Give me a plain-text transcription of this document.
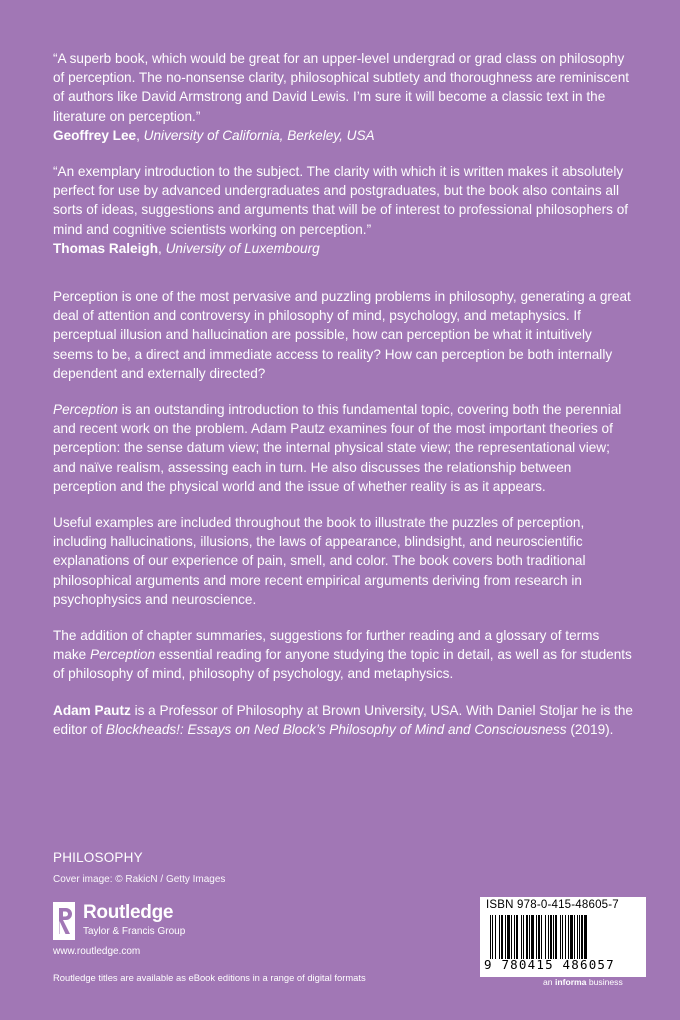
“A superb book, which would be great for an upper-level undergrad or grad class on philosophy of perception. The no-nonsense clarity, philosophical subtlety and thoroughness are reminiscent of authors like David Armstrong and David Lewis. I’m sure it will become a classic text in the literature on perception.”

Geoffrey Lee, University of California, Berkeley, USA

“An exemplary introduction to the subject. The clarity with which it is written makes it absolutely perfect for use by advanced undergraduates and postgraduates, but the book also contains all sorts of ideas, suggestions and arguments that will be of interest to professional philosophers of mind and cognitive scientists working on perception.”

Thomas Raleigh, University of Luxembourg

Perception is one of the most pervasive and puzzling problems in philosophy, generating a great deal of attention and controversy in philosophy of mind, psychology, and metaphysics. If perceptual illusion and hallucination are possible, how can perception be what it intuitively seems to be, a direct and immediate access to reality? How can perception be both internally dependent and externally directed?

Perception is an outstanding introduction to this fundamental topic, covering both the perennial and recent work on the problem. Adam Pautz examines four of the most important theories of perception: the sense datum view; the internal physical state view; the representational view; and naïve realism, assessing each in turn. He also discusses the relationship between perception and the physical world and the issue of whether reality is as it appears.

Useful examples are included throughout the book to illustrate the puzzles of perception, including hallucinations, illusions, the laws of appearance, blindsight, and neuroscientific explanations of our experience of pain, smell, and color. The book covers both traditional philosophical arguments and more recent empirical arguments deriving from research in psychophysics and neuroscience.

The addition of chapter summaries, suggestions for further reading and a glossary of terms make Perception essential reading for anyone studying the topic in detail, as well as for students of philosophy of mind, philosophy of psychology, and metaphysics.

Adam Pautz is a Professor of Philosophy at Brown University, USA. With Daniel Stoljar he is the editor of Blockheads!: Essays on Ned Block’s Philosophy of Mind and Consciousness (2019).

PHILOSOPHY
Cover image: © RakicN / Getty Images
Routledge
Taylor & Francis Group
www.routledge.com
Routledge titles are available as eBook editions in a range of digital formats
ISBN 978-0-415-48605-7
9 780415 486057
an informa business
